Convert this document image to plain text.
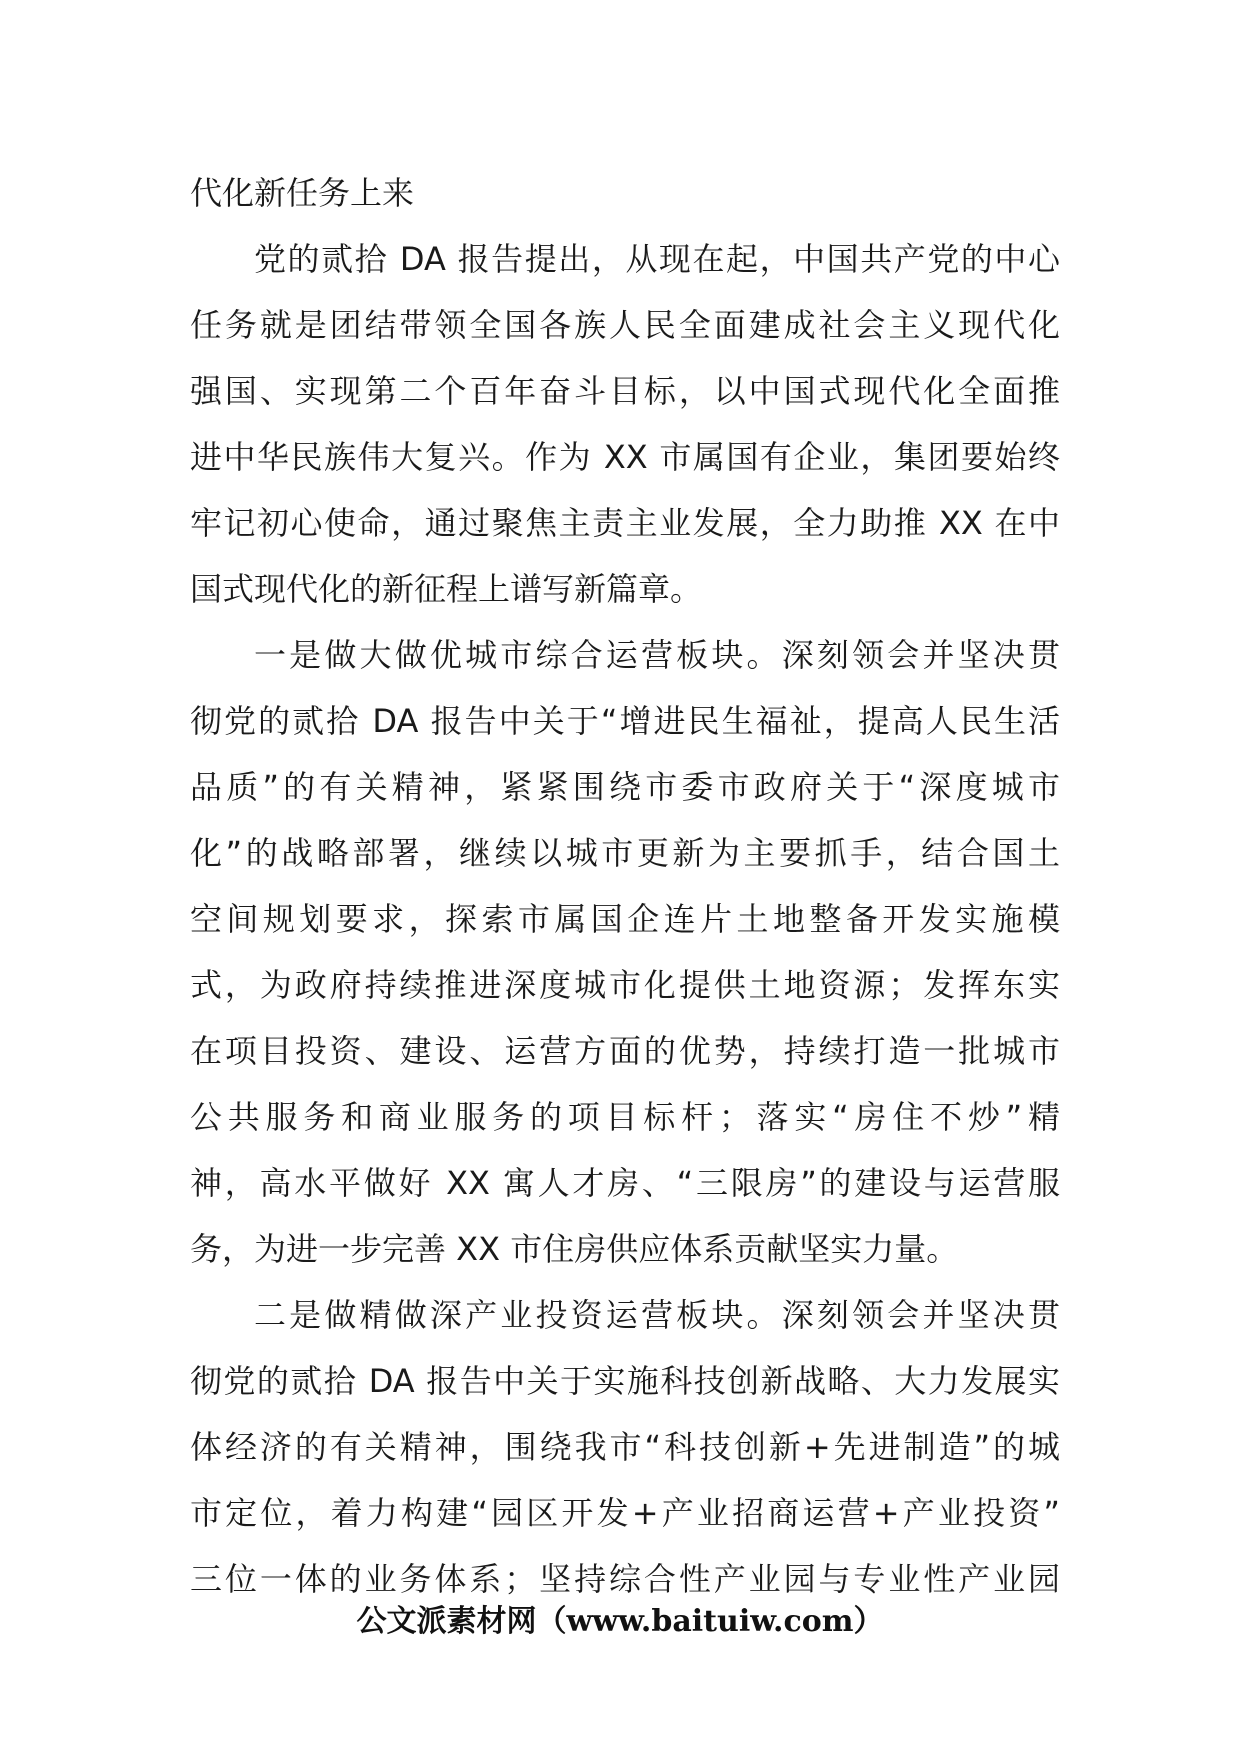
代化新任务上来
党的贰拾 DA 报告提出，从现在起，中国共产党的中心
任务就是团结带领全国各族人民全面建成社会主义现代化
强国、实现第二个百年奋斗目标，以中国式现代化全面推
进中华民族伟大复兴。作为 XX 市属国有企业，集团要始终
牢记初心使命，通过聚焦主责主业发展，全力助推 XX 在中
国式现代化的新征程上谱写新篇章。
一是做大做优城市综合运营板块。深刻领会并坚决贯
彻党的贰拾 DA 报告中关于“增进民生福祉，提高人民生活
品质”的有关精神，紧紧围绕市委市政府关于“深度城市
化”的战略部署，继续以城市更新为主要抓手，结合国土
空间规划要求，探索市属国企连片土地整备开发实施模
式，为政府持续推进深度城市化提供土地资源；发挥东实
在项目投资、建设、运营方面的优势，持续打造一批城市
公共服务和商业服务的项目标杆；落实“房住不炒”精
神，高水平做好 XX 寓人才房、“三限房”的建设与运营服
务，为进一步完善 XX 市住房供应体系贡献坚实力量。
二是做精做深产业投资运营板块。深刻领会并坚决贯
彻党的贰拾 DA 报告中关于实施科技创新战略、大力发展实
体经济的有关精神，围绕我市“科技创新+先进制造”的城
市定位，着力构建“园区开发+产业招商运营+产业投资”
三位一体的业务体系；坚持综合性产业园与专业性产业园
公文派素材网（www.baituiw.com）
